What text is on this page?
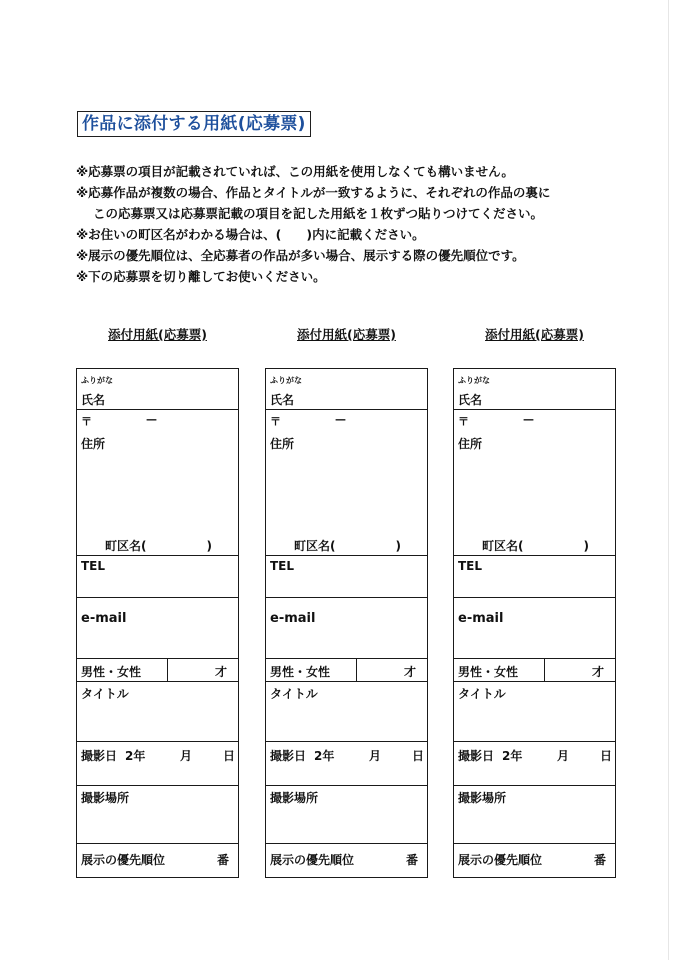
作品に添付する用紙(応募票)
※応募票の項目が記載されていれば、この用紙を使用しなくても構いません。
※応募作品が複数の場合、作品とタイトルが一致するように、それぞれの作品の裏に
この応募票又は応募票記載の項目を記した用紙を１枚ずつ貼りつけてください。
※お住いの町区名がわかる場合は、(　　)内に記載ください。
※展示の優先順位は、全応募者の作品が多い場合、展示する際の優先順位です。
※下の応募票を切り離してお使いください。
添付用紙(応募票)
ふりがな
氏名
〒	—
住所
町区名(　　　　　)
TEL
e-mail
男性・女性	才
タイトル
撮影日 2年	月	日
撮影場所
展示の優先順位	番
添付用紙(応募票)
ふりがな
氏名
〒	—
住所
町区名(　　　　　)
TEL
e-mail
男性・女性	才
タイトル
撮影日 2年	月	日
撮影場所
展示の優先順位	番
添付用紙(応募票)
ふりがな
氏名
〒	—
住所
町区名(　　　　　)
TEL
e-mail
男性・女性	才
タイトル
撮影日 2年	月	日
撮影場所
展示の優先順位	番
